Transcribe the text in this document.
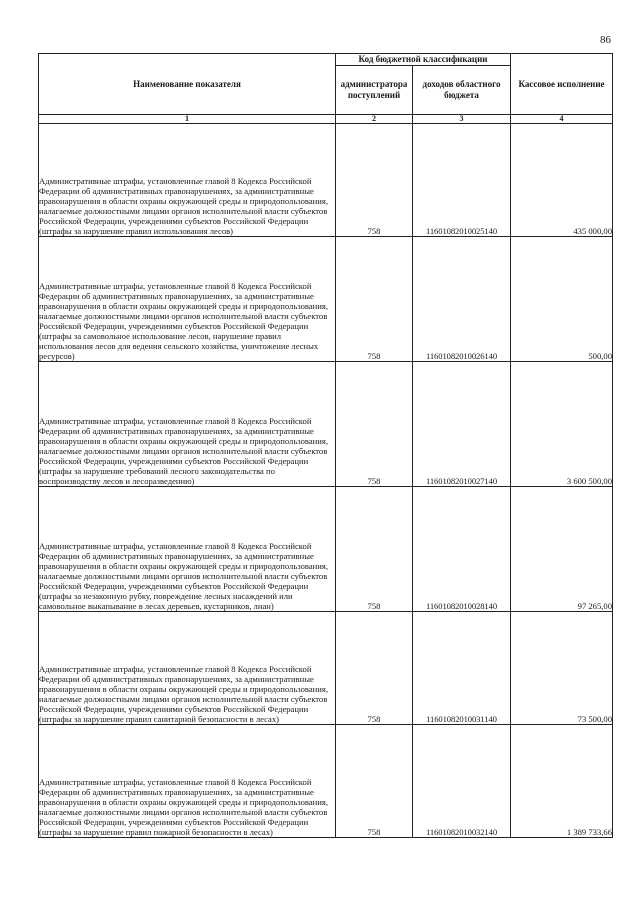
86
Наименование показателя	Код бюджетной классификации		Кассовое исполнение
	администратора поступлений	доходов областного бюджета	
1	2	3	4
Административные штрафы, установленные главой 8 Кодекса Российской Федерации об административных правонарушениях, за административные правонарушения в области охраны окружающей среды и природопользования, налагаемые должностными лицами органов исполнительной власти субъектов Российской Федерации, учреждениями субъектов Российской Федерации (штрафы за нарушение правил использования лесов)	758	11601082010025140	435 000,00
Административные штрафы, установленные главой 8 Кодекса Российской Федерации об административных правонарушениях, за административные правонарушения в области охраны окружающей среды и природопользования, налагаемые должностными лицами органов исполнительной власти субъектов Российской Федерации, учреждениями субъектов Российской Федерации (штрафы за самовольное использование лесов, нарушение правил использования лесов для ведения сельского хозяйства, уничтожение лесных ресурсов)	758	11601082010026140	500,00
Административные штрафы, установленные главой 8 Кодекса Российской Федерации об административных правонарушениях, за административные правонарушения в области охраны окружающей среды и природопользования, налагаемые должностными лицами органов исполнительной власти субъектов Российской Федерации, учреждениями субъектов Российской Федерации (штрафы за нарушение требований лесного законодательства по воспроизводству лесов и лесоразведению)	758	11601082010027140	3 600 500,00
Административные штрафы, установленные главой 8 Кодекса Российской Федерации об административных правонарушениях, за административные правонарушения в области охраны окружающей среды и природопользования, налагаемые должностными лицами органов исполнительной власти субъектов Российской Федерации, учреждениями субъектов Российской Федерации (штрафы за незаконную рубку, повреждение лесных насаждений или самовольное выкапывание в лесах деревьев, кустарников, лиан)	758	11601082010028140	97 265,00
Административные штрафы, установленные главой 8 Кодекса Российской Федерации об административных правонарушениях, за административные правонарушения в области охраны окружающей среды и природопользования, налагаемые должностными лицами органов исполнительной власти субъектов Российской Федерации, учреждениями субъектов Российской Федерации (штрафы за нарушение правил санитарной безопасности в лесах)	758	11601082010031140	73 500,00
Административные штрафы, установленные главой 8 Кодекса Российской Федерации об административных правонарушениях, за административные правонарушения в области охраны окружающей среды и природопользования, налагаемые должностными лицами органов исполнительной власти субъектов Российской Федерации, учреждениями субъектов Российской Федерации (штрафы за нарушение правил пожарной безопасности в лесах)	758	11601082010032140	1 389 733,66
